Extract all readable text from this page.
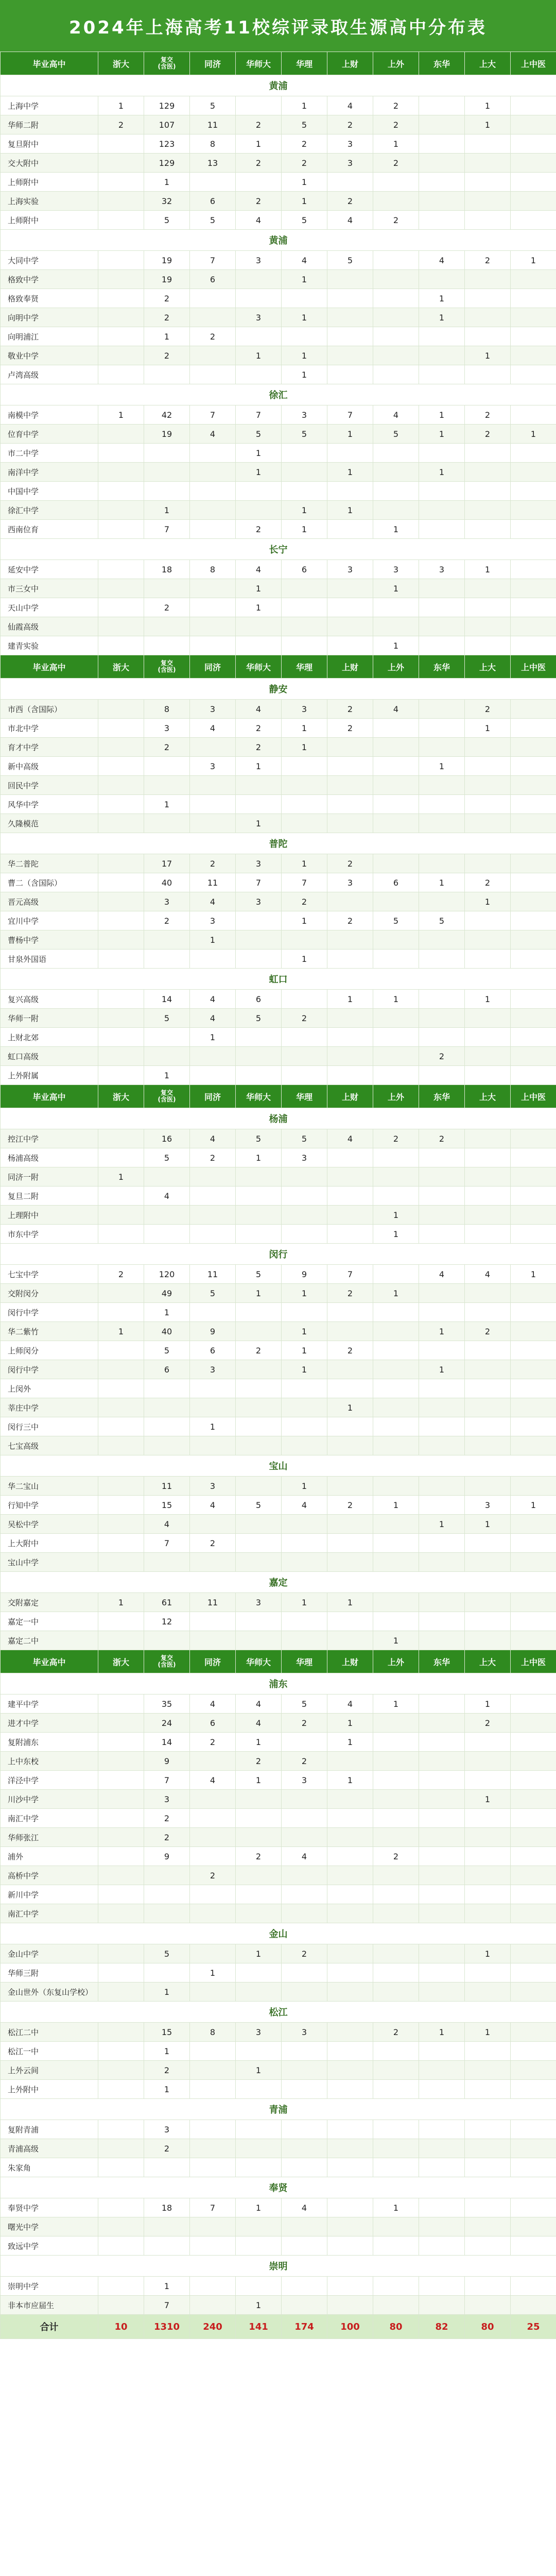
2024年上海高考11校综评录取生源高中分布表
毕业高中	浙大	复交
(含医)	同济	华师大	华理	上财	上外	东华	上大	上中医
黄浦										
上海中学	1	129	5		1	4	2		1	
华师二附	2	107	11	2	5	2	2		1	
复旦附中		123	8	1	2	3	1			
交大附中		129	13	2	2	3	2			
上师附中		1			1					
上海实验		32	6	2	1	2				
上师附中		5	5	4	5	4	2			
黄浦										
大同中学		19	7	3	4	5		4	2	1
格致中学		19	6		1					
格致奉贤		2						1		
向明中学		2		3	1			1		
向明浦江		1	2							
敬业中学		2		1	1				1	
卢湾高级					1					
徐汇										
南模中学	1	42	7	7	3	7	4	1	2	
位育中学		19	4	5	5	1	5	1	2	1
市二中学				1						
南洋中学				1		1		1		
中国中学										
徐汇中学		1			1	1				
西南位育		7		2	1		1			
长宁										
延安中学		18	8	4	6	3	3	3	1	
市三女中				1			1			
天山中学		2		1						
仙霞高级										
建青实验							1			
毕业高中	浙大	复交
(含医)	同济	华师大	华理	上财	上外	东华	上大	上中医
静安										
市西（含国际）		8	3	4	3	2	4		2	
市北中学		3	4	2	1	2			1	
育才中学		2		2	1					
新中高级			3	1				1		
回民中学										
风华中学		1								
久隆模范				1						
普陀										
华二普陀		17	2	3	1	2				
曹二（含国际）		40	11	7	7	3	6	1	2	
晋元高级		3	4	3	2				1	
宜川中学		2	3		1	2	5	5		
曹杨中学			1							
甘泉外国语					1					
虹口										
复兴高级		14	4	6		1	1		1	
华师一附		5	4	5	2					
上财北郊			1							
虹口高级								2		
上外附属		1								
毕业高中	浙大	复交
(含医)	同济	华师大	华理	上财	上外	东华	上大	上中医
杨浦										
控江中学		16	4	5	5	4	2	2		
杨浦高级		5	2	1	3					
同济一附	1									
复旦二附		4								
上理附中							1			
市东中学							1			
闵行										
七宝中学	2	120	11	5	9	7		4	4	1
交附闵分		49	5	1	1	2	1			
闵行中学		1								
华二紫竹	1	40	9		1			1	2	
上师闵分		5	6	2	1	2				
闵行中学		6	3		1			1		
上闵外										
莘庄中学						1				
闵行三中			1							
七宝高级										
宝山										
华二宝山		11	3		1					
行知中学		15	4	5	4	2	1		3	1
吴松中学		4						1	1	
上大附中		7	2							
宝山中学										
嘉定										
交附嘉定	1	61	11	3	1	1				
嘉定一中		12								
嘉定二中							1			
毕业高中	浙大	复交
(含医)	同济	华师大	华理	上财	上外	东华	上大	上中医
浦东										
建平中学		35	4	4	5	4	1		1	
进才中学		24	6	4	2	1			2	
复附浦东		14	2	1		1				
上中东校		9		2	2					
洋泾中学		7	4	1	3	1				
川沙中学		3							1	
南汇中学		2								
华师张江		2								
浦外		9		2	4		2			
高桥中学			2							
新川中学										
南汇中学										
金山										
金山中学		5		1	2				1	
华师三附			1							
金山世外（东复山学校）		1								
松江										
松江二中		15	8	3	3		2	1	1	
松江一中		1								
上外云间		2		1						
上外附中		1								
青浦										
复附青浦		3								
青浦高级		2								
朱家角										
奉贤										
奉贤中学		18	7	1	4		1			
曙光中学										
致远中学										
崇明										
崇明中学		1								
非本市应届生		7		1						
合计	10	1310	240	141	174	100	80	82	80	25
